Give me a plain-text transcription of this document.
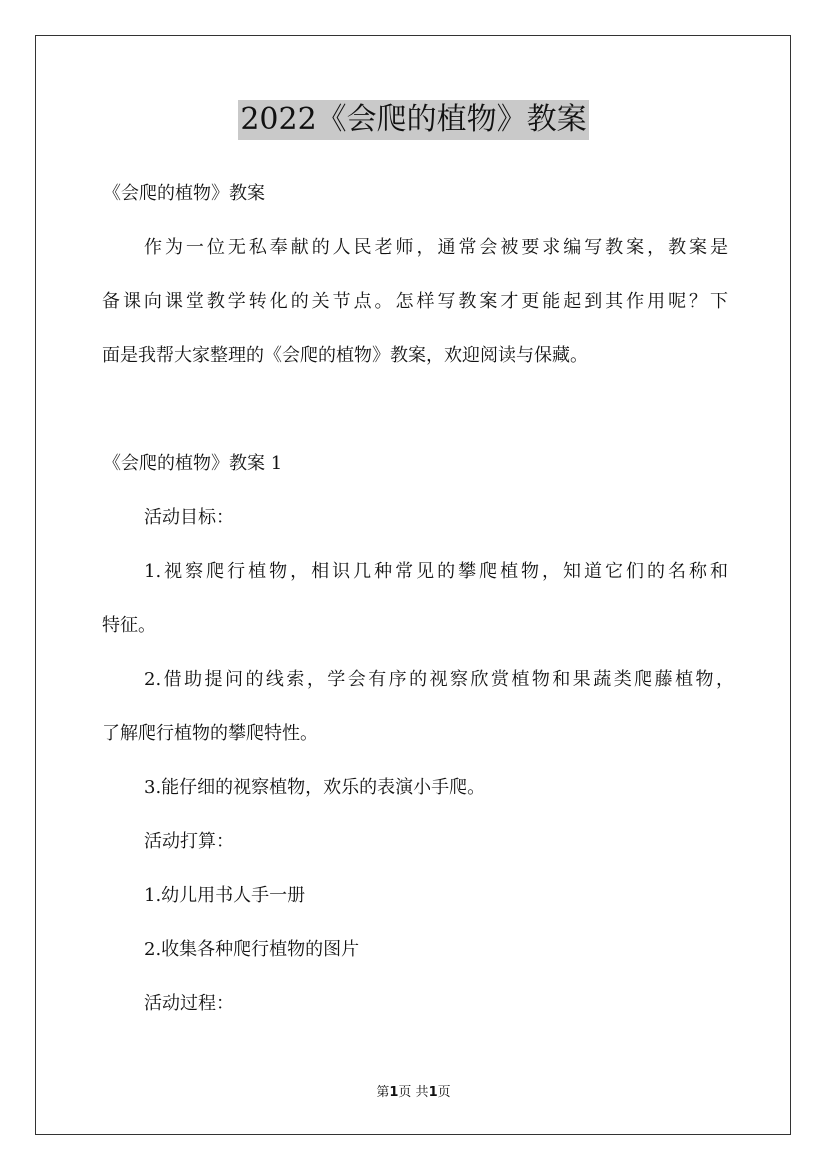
2022《会爬的植物》教案
《会爬的植物》教案
作为一位无私奉献的人民老师，通常会被要求编写教案，教案是
备课向课堂教学转化的关节点。怎样写教案才更能起到其作用呢？下
面是我帮大家整理的《会爬的植物》教案，欢迎阅读与保藏。
《会爬的植物》教案 1
活动目标：
1.视察爬行植物，相识几种常见的攀爬植物，知道它们的名称和
特征。
2.借助提问的线索，学会有序的视察欣赏植物和果蔬类爬藤植物，
了解爬行植物的攀爬特性。
3.能仔细的视察植物，欢乐的表演小手爬。
活动打算：
1.幼儿用书人手一册
2.收集各种爬行植物的图片
活动过程：
第1页 共1页
